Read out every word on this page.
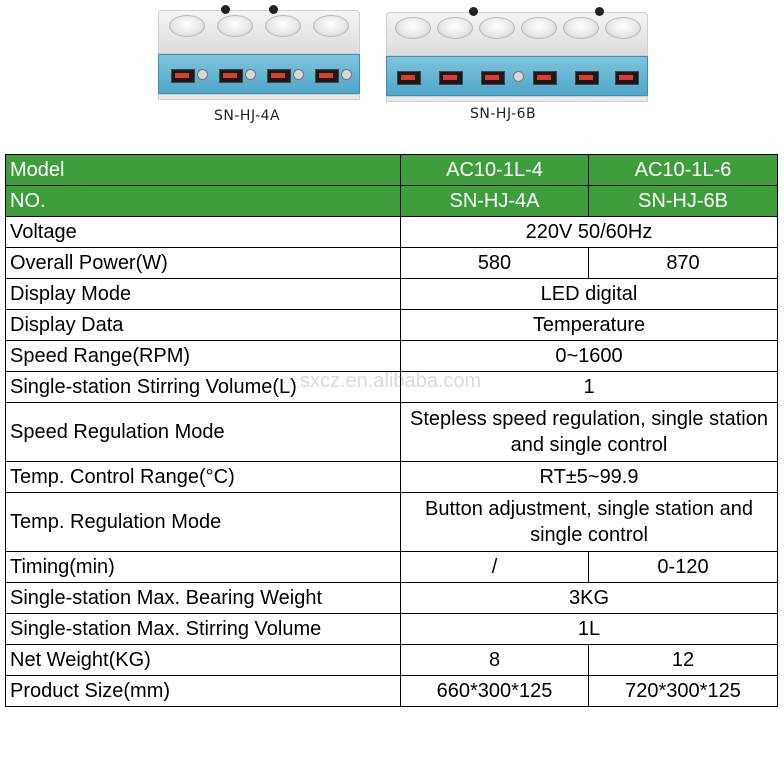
SN-HJ-4A	SN-HJ-6B
Model	AC10-1L-4	AC10-1L-6
NO.	SN-HJ-4A	SN-HJ-6B
Voltage	220V 50/60Hz	
Overall Power(W)	580	870
Display Mode	LED digital	
Display Data	Temperature	
Speed Range(RPM)	0~1600	
Single-station Stirring Volume(L)	1	
Speed Regulation Mode	Stepless speed regulation, single station and single control	
Temp. Control Range(°C)	RT±5~99.9	
Temp. Regulation Mode	Button adjustment, single station and single control	
Timing(min)	/	0-120
Single-station Max. Bearing Weight	3KG	
Single-station Max. Stirring Volume	1L	
Net Weight(KG)	8	12
Product Size(mm)	660*300*125	720*300*125
sxcz.en.alibaba.com
